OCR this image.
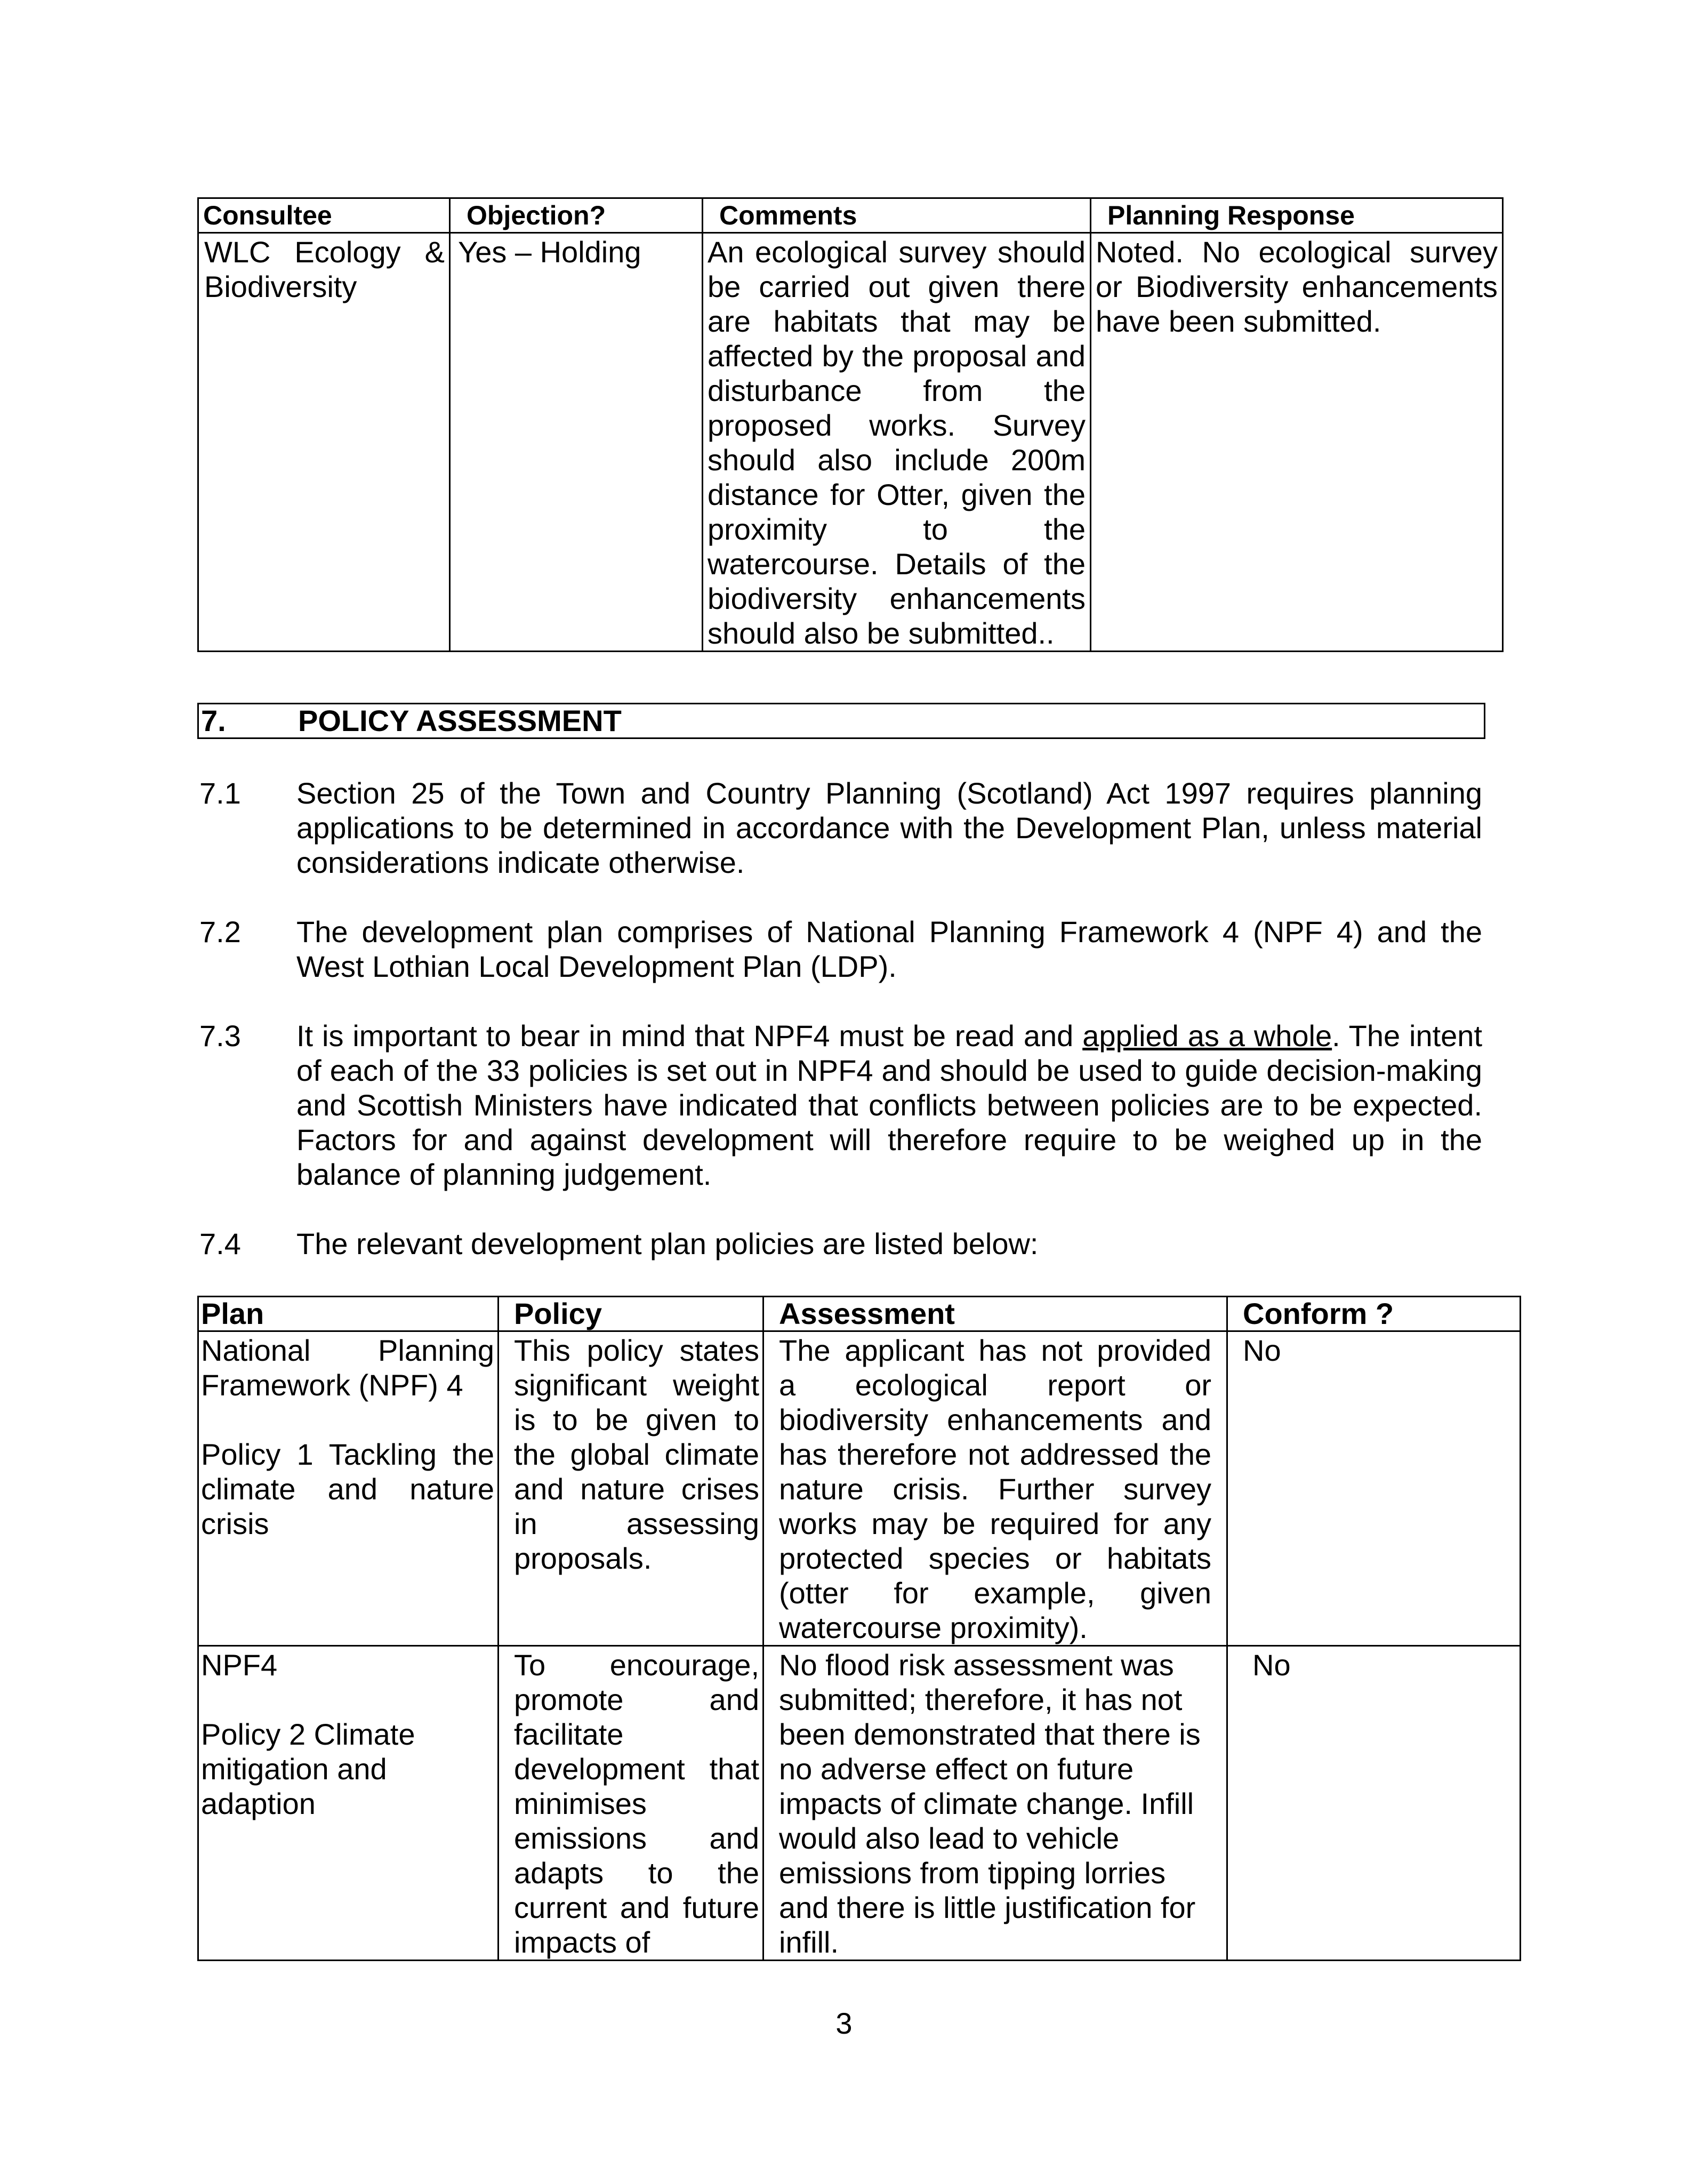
Consultee	Objection?	Comments	Planning Response
WLC Ecology & Biodiversity	Yes – Holding	An ecological survey should be carried out given there are habitats that may be affected by the proposal and disturbance from the proposed works. Survey should also include 200m distance for Otter, given the proximity to the watercourse. Details of the biodiversity enhancements should also be submitted..	Noted. No ecological survey or Biodiversity enhancements have been submitted.
7. POLICY ASSESSMENT
7.1 Section 25 of the Town and Country Planning (Scotland) Act 1997 requires planning applications to be determined in accordance with the Development Plan, unless material considerations indicate otherwise.
7.2 The development plan comprises of National Planning Framework 4 (NPF 4) and the West Lothian Local Development Plan (LDP).
7.3 It is important to bear in mind that NPF4 must be read and applied as a whole. The intent of each of the 33 policies is set out in NPF4 and should be used to guide decision-making and Scottish Ministers have indicated that conflicts between policies are to be expected. Factors for and against development will therefore require to be weighed up in the balance of planning judgement.
7.4 The relevant development plan policies are listed below:
Plan	Policy	Assessment	Conform ?

National Planning Framework (NPF) 4
Policy 1 Tackling the climate and nature crisis	This policy states significant weight is to be given to the global climate and nature crises in assessing proposals.	The applicant has not provided a ecological report or biodiversity enhancements and has therefore not addressed the nature crisis. Further survey works may be required for any protected species or habitats (otter for example, given watercourse proximity).	No

NPF4
Policy 2 Climate mitigation and adaption	To encourage, promote and facilitate development that minimises emissions and adapts to the current and future impacts of	No flood risk assessment was submitted; therefore, it has not been demonstrated that there is no adverse effect on future impacts of climate change. Infill would also lead to vehicle emissions from tipping lorries and there is little justification for infill.	No
3
